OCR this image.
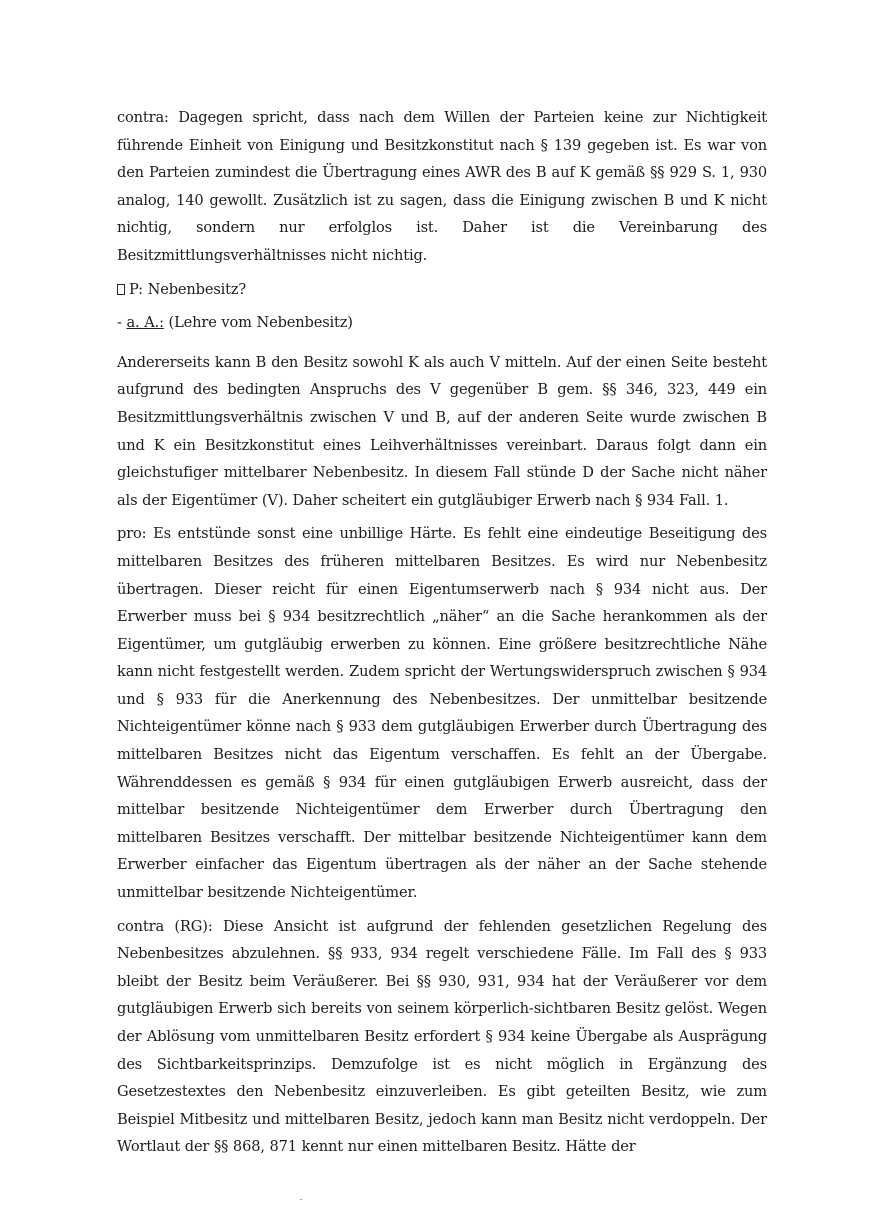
contra: Dagegen spricht, dass nach dem Willen der Parteien keine zur Nichtigkeit führende Einheit von Einigung und Besitzkonstitut nach § 139 gegeben ist. Es war von den Parteien zumindest die Übertragung eines AWR des B auf K gemäß §§ 929 S. 1, 930 analog, 140 gewollt. Zusätzlich ist zu sagen, dass die Einigung zwischen B und K nicht nichtig, sondern nur erfolglos ist. Daher ist die Vereinbarung des Besitzmittlungsverhältnisses nicht nichtig.

P: Nebenbesitz?

- a. A.: (Lehre vom Nebenbesitz)

Andererseits kann B den Besitz sowohl K als auch V mitteln. Auf der einen Seite besteht aufgrund des bedingten Anspruchs des V gegenüber B gem. §§ 346, 323, 449 ein Besitzmittlungsverhältnis zwischen V und B, auf der anderen Seite wurde zwischen B und K ein Besitzkonstitut eines Leihverhältnisses vereinbart. Daraus folgt dann ein gleichstufiger mittelbarer Nebenbesitz. In diesem Fall stünde D der Sache nicht näher als der Eigentümer (V). Daher scheitert ein gutgläubiger Erwerb nach § 934 Fall. 1.

pro: Es entstünde sonst eine unbillige Härte. Es fehlt eine eindeutige Beseitigung des mittelbaren Besitzes des früheren mittelbaren Besitzes. Es wird nur Nebenbesitz übertragen. Dieser reicht für einen Eigentumserwerb nach § 934 nicht aus. Der Erwerber muss bei § 934 besitzrechtlich „näher“ an die Sache herankommen als der Eigentümer, um gutgläubig erwerben zu können. Eine größere besitzrechtliche Nähe kann nicht festgestellt werden. Zudem spricht der Wertungswiderspruch zwischen § 934 und § 933 für die Anerkennung des Nebenbesitzes. Der unmittelbar besitzende Nichteigentümer könne nach § 933 dem gutgläubigen Erwerber durch Übertragung des mittelbaren Besitzes nicht das Eigentum verschaffen. Es fehlt an der Übergabe. Währenddessen es gemäß § 934 für einen gutgläubigen Erwerb ausreicht, dass der mittelbar besitzende Nichteigentümer dem Erwerber durch Übertragung den mittelbaren Besitzes verschafft. Der mittelbar besitzende Nichteigentümer kann dem Erwerber einfacher das Eigentum übertragen als der näher an der Sache stehende unmittelbar besitzende Nichteigentümer.

contra (RG): Diese Ansicht ist aufgrund der fehlenden gesetzlichen Regelung des Nebenbesitzes abzulehnen. §§ 933, 934 regelt verschiedene Fälle. Im Fall des § 933 bleibt der Besitz beim Veräußerer. Bei §§ 930, 931, 934 hat der Veräußerer vor dem gutgläubigen Erwerb sich bereits von seinem körperlich-sichtbaren Besitz gelöst. Wegen der Ablösung vom unmittelbaren Besitz erfordert § 934 keine Übergabe als Ausprägung des Sichtbarkeitsprinzips. Demzufolge ist es nicht möglich in Ergänzung des Gesetzestextes den Nebenbesitz einzuverleiben. Es gibt geteilten Besitz, wie zum Beispiel Mitbesitz und mittelbaren Besitz, jedoch kann man Besitz nicht verdoppeln. Der Wortlaut der §§ 868, 871 kennt nur einen mittelbaren Besitz. Hätte der
